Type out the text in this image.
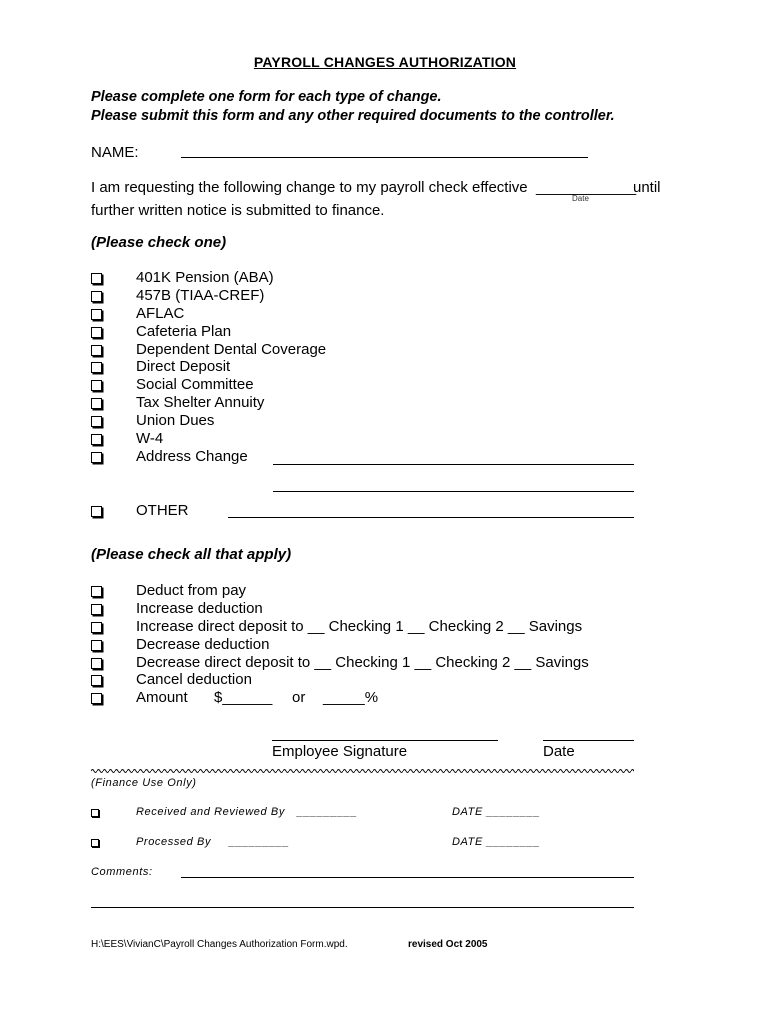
PAYROLL CHANGES AUTHORIZATION
Please complete one form for each type of change.
Please submit this form and any other required documents to the controller.
NAME:
I am requesting the following change to my payroll check effective ____________
until
Date
further written notice is submitted to finance.
(Please check one)
401K Pension (ABA)
457B (TIAA-CREF)
AFLAC
Cafeteria Plan
Dependent Dental Coverage
Direct Deposit
Social Committee
Tax Shelter Annuity
Union Dues
W-4
Address Change
OTHER
(Please check all that apply)
Deduct from pay
Increase deduction
Increase direct deposit to __ Checking 1 __ Checking 2 __ Savings
Decrease deduction
Decrease direct deposit to __ Checking 1 __ Checking 2 __ Savings
Cancel deduction
Amount $______ or _____%
Employee Signature	Date
(Finance Use Only)
Received and Reviewed By _________	DATE ________
Processed By _________	DATE ________
Comments:
H:\EES\VivianC\Payroll Changes Authorization Form.wpd.	revised Oct 2005
